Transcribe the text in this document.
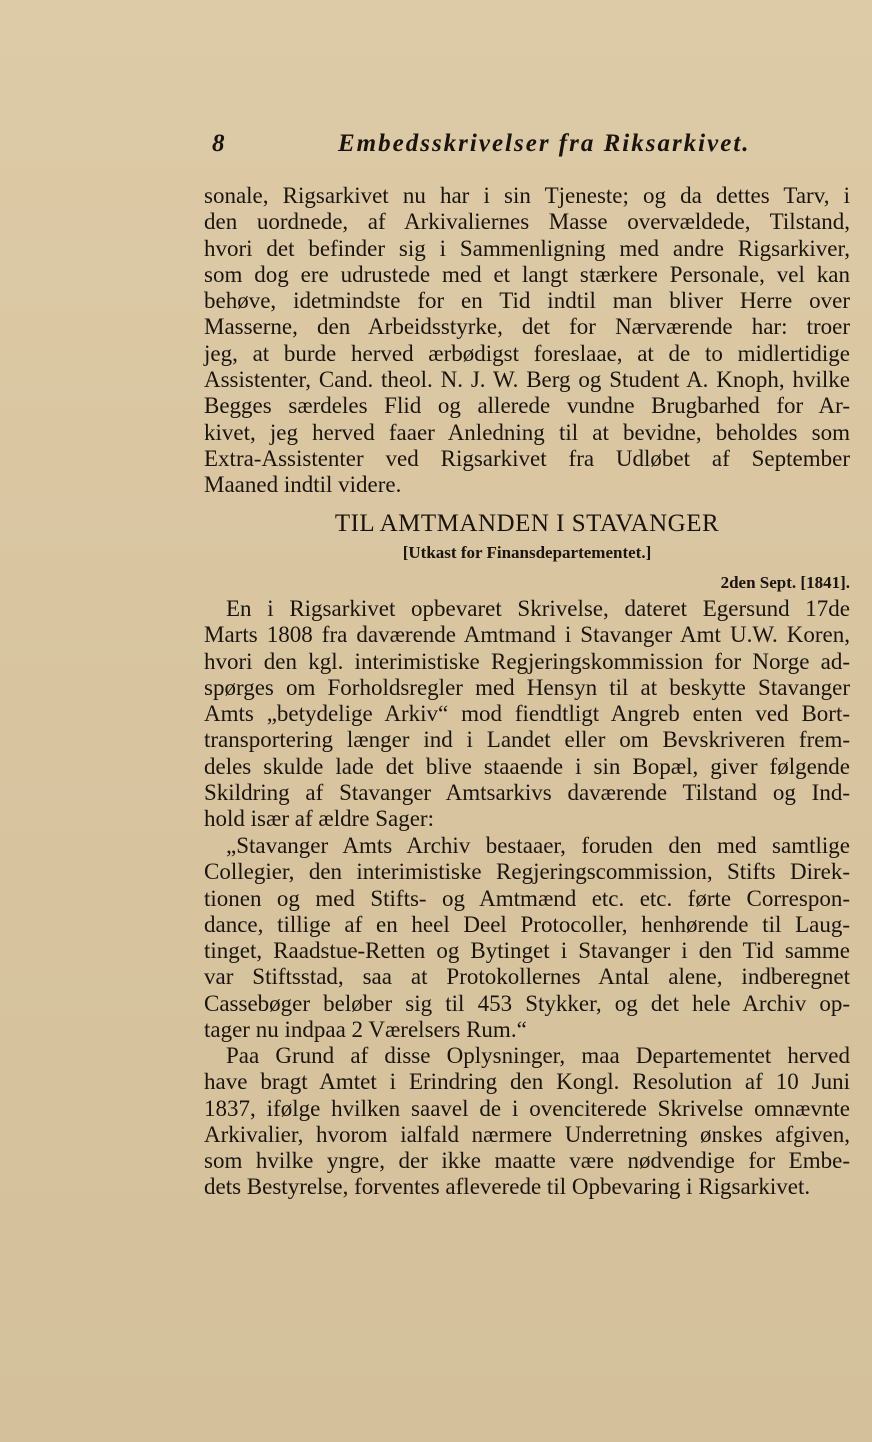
8	Embedsskrivelser fra Riksarkivet.
sonale, Rigsarkivet nu har i sin Tjeneste; og da dettes Tarv, i
den uordnede, af Arkivaliernes Masse overvældede, Tilstand,
hvori det befinder sig i Sammenligning med andre Rigsarkiver,
som dog ere udrustede med et langt stærkere Personale, vel kan
behøve, idetmindste for en Tid indtil man bliver Herre over
Masserne, den Arbeidsstyrke, det for Nærværende har: troer
jeg, at burde herved ærbødigst foreslaae, at de to midlertidige
Assistenter, Cand. theol. N. J. W. Berg og Student A. Knoph, hvilke
Begges særdeles Flid og allerede vundne Brugbarhed for Ar-
kivet, jeg herved faaer Anledning til at bevidne, beholdes som
Extra-Assistenter ved Rigsarkivet fra Udløbet af September
Maaned indtil videre.
TIL AMTMANDEN I STAVANGER
[Utkast for Finansdepartementet.]
2den Sept. [1841].
En i Rigsarkivet opbevaret Skrivelse, dateret Egersund 17de
Marts 1808 fra daværende Amtmand i Stavanger Amt U.W. Koren,
hvori den kgl. interimistiske Regjeringskommission for Norge ad-
spørges om Forholdsregler med Hensyn til at beskytte Stavanger
Amts „betydelige Arkiv“ mod fiendtligt Angreb enten ved Bort-
transportering længer ind i Landet eller om Bevskriveren frem-
deles skulde lade det blive staaende i sin Bopæl, giver følgende
Skildring af Stavanger Amtsarkivs daværende Tilstand og Ind-
hold især af ældre Sager:
„Stavanger Amts Archiv bestaaer, foruden den med samtlige
Collegier, den interimistiske Regjeringscommission, Stifts Direk-
tionen og med Stifts- og Amtmænd etc. etc. førte Correspon-
dance, tillige af en heel Deel Protocoller, henhørende til Laug-
tinget, Raadstue-Retten og Bytinget i Stavanger i den Tid samme
var Stiftsstad, saa at Protokollernes Antal alene, indberegnet
Cassebøger beløber sig til 453 Stykker, og det hele Archiv op-
tager nu indpaa 2 Værelsers Rum.“
Paa Grund af disse Oplysninger, maa Departementet herved
have bragt Amtet i Erindring den Kongl. Resolution af 10 Juni
1837, ifølge hvilken saavel de i ovenciterede Skrivelse omnævnte
Arkivalier, hvorom ialfald nærmere Underretning ønskes afgiven,
som hvilke yngre, der ikke maatte være nødvendige for Embe-
dets Bestyrelse, forventes afleverede til Opbevaring i Rigsarkivet.
